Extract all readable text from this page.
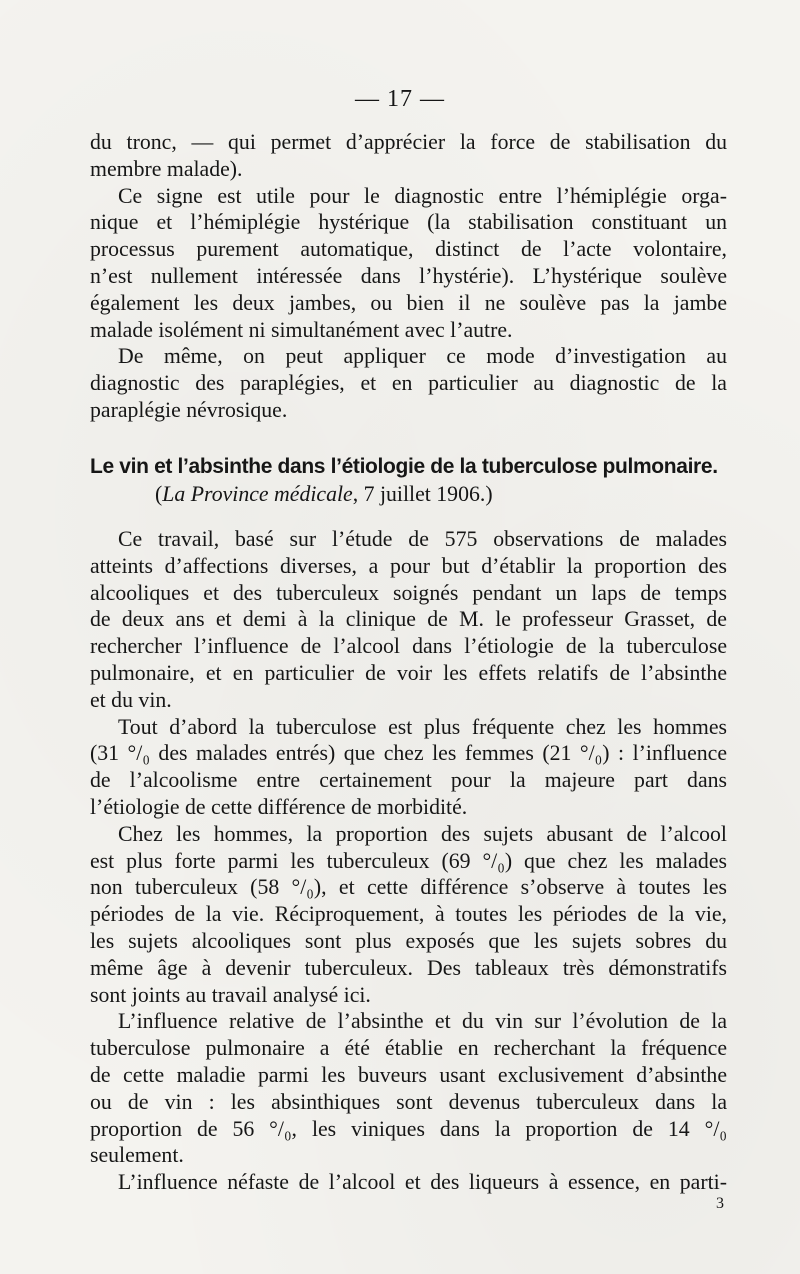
— 17 —

du tronc, — qui permet d’apprécier la force de stabilisation du

membre malade).

Ce signe est utile pour le diagnostic entre l’hémiplégie orga-

nique et l’hémiplégie hystérique (la stabilisation constituant un

processus purement automatique, distinct de l’acte volontaire,

n’est nullement intéressée dans l’hystérie). L’hystérique soulève

également les deux jambes, ou bien il ne soulève pas la jambe

malade isolément ni simultanément avec l’autre.

De même, on peut appliquer ce mode d’investigation au

diagnostic des paraplégies, et en particulier au diagnostic de la

paraplégie névrosique.

Le vin et l’absinthe dans l’étiologie de la tuberculose pulmonaire.
(La Province médicale, 7 juillet 1906.)

Ce travail, basé sur l’étude de 575 observations de malades

atteints d’affections diverses, a pour but d’établir la proportion des

alcooliques et des tuberculeux soignés pendant un laps de temps

de deux ans et demi à la clinique de M. le professeur Grasset, de

rechercher l’influence de l’alcool dans l’étiologie de la tuberculose

pulmonaire, et en particulier de voir les effets relatifs de l’absinthe

et du vin.

Tout d’abord la tuberculose est plus fréquente chez les hommes

(31 °/₀ des malades entrés) que chez les femmes (21 °/₀) : l’influence

de l’alcoolisme entre certainement pour la majeure part dans

l’étiologie de cette différence de morbidité.

Chez les hommes, la proportion des sujets abusant de l’alcool

est plus forte parmi les tuberculeux (69 °/₀) que chez les malades

non tuberculeux (58 °/₀), et cette différence s’observe à toutes les

périodes de la vie. Réciproquement, à toutes les périodes de la vie,

les sujets alcooliques sont plus exposés que les sujets sobres du

même âge à devenir tuberculeux. Des tableaux très démonstratifs

sont joints au travail analysé ici.

L’influence relative de l’absinthe et du vin sur l’évolution de la

tuberculose pulmonaire a été établie en recherchant la fréquence

de cette maladie parmi les buveurs usant exclusivement d’absinthe

ou de vin : les absinthiques sont devenus tuberculeux dans la

proportion de 56 °/₀, les viniques dans la proportion de 14 °/₀

seulement.

L’influence néfaste de l’alcool et des liqueurs à essence, en parti-

3
